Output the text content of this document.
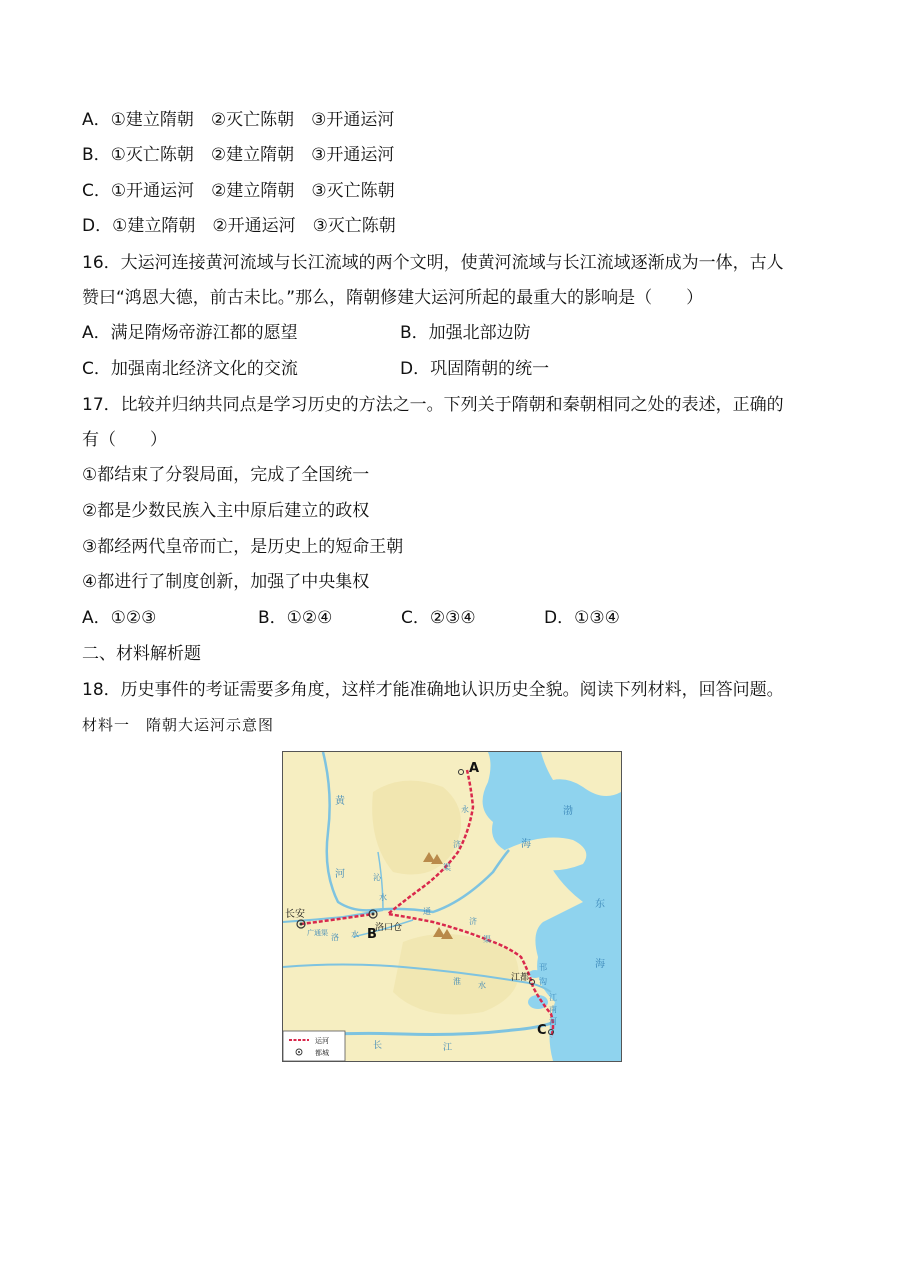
A．①建立隋朝　②灭亡陈朝　③开通运河
B．①灭亡陈朝　②建立隋朝　③开通运河
C．①开通运河　②建立隋朝　③灭亡陈朝
D．①建立隋朝　②开通运河　③灭亡陈朝
16．大运河连接黄河流域与长江流域的两个文明，使黄河流域与长江流域逐渐成为一体，古人
赞曰“鸿恩大德，前古未比。”那么，隋朝修建大运河所起的最重大的影响是（　　）
A．满足隋炀帝游江都的愿望	B．加强北部边防
C．加强南北经济文化的交流	D．巩固隋朝的统一
17．比较并归纳共同点是学习历史的方法之一。下列关于隋朝和秦朝相同之处的表述，正确的
有（　　）
①都结束了分裂局面，完成了全国统一
②都是少数民族入主中原后建立的政权
③都经两代皇帝而亡，是历史上的短命王朝
④都进行了制度创新，加强了中央集权
A．①②③	B．①②④	C．②③④	D．①③④
二、材料解析题
18．历史事件的考证需要多角度，这样才能准确地认识历史全貌。阅读下列材料，回答问题。
材料一　隋朝大运河示意图
A
B
C
长安
洛口仓
江都
渤
海
东
海
黄
河
永
济
渠
通
济
渠
邗
沟
江
南
河
淮 水
长	江
沁
水
洛 水
广通渠
运河
都城
